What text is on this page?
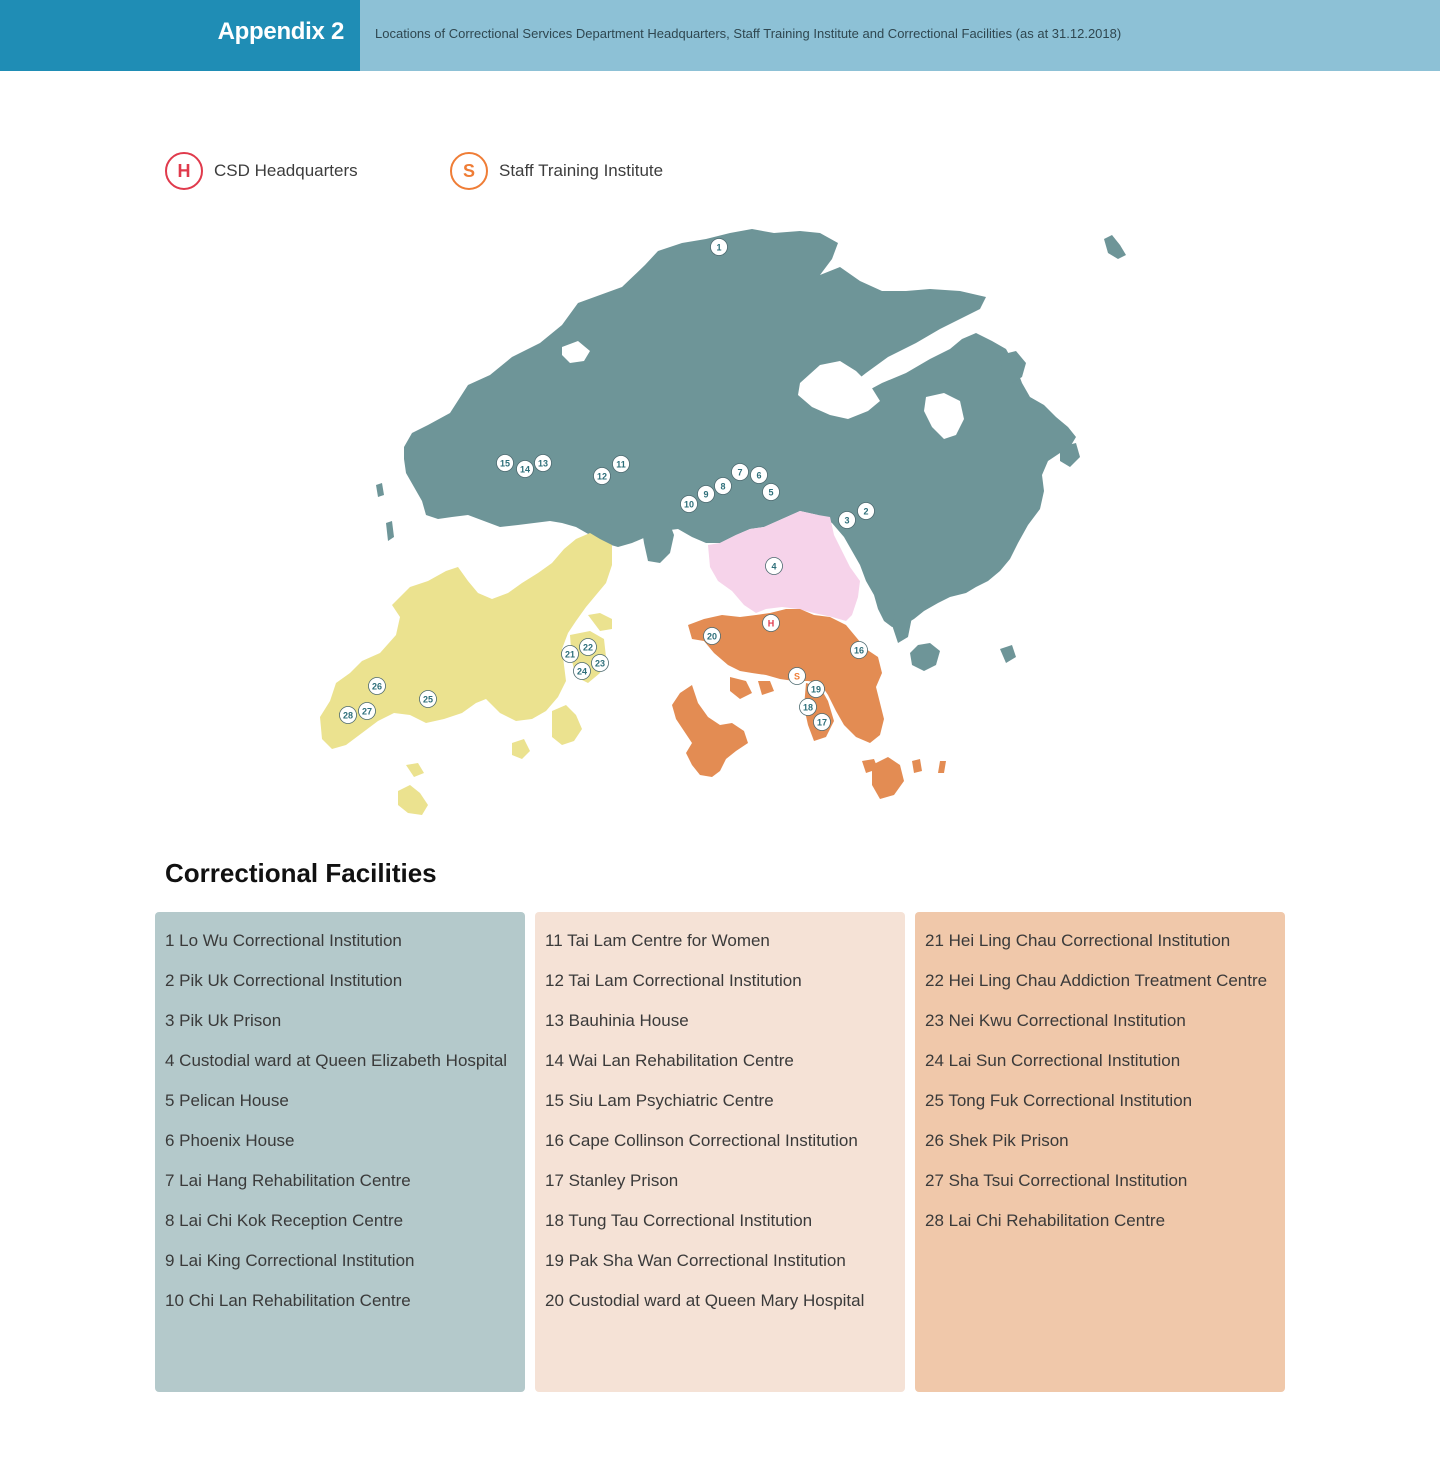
Appendix 2 Locations of Correctional Services Department Headquarters, Staff Training Institute and Correctional Facilities (as at 31.12.2018)
H	CSD Headquarters	S	Staff Training Institute
1
2
3
4
5
6
7
8
9
10
11
12
13
14
15
16
17
18
19
20
21
22
23
24
25
26
27
28
H
S
Correctional Facilities
1 Lo Wu Correctional Institution
2 Pik Uk Correctional Institution
3 Pik Uk Prison
4 Custodial ward at Queen Elizabeth Hospital
5 Pelican House
6 Phoenix House
7 Lai Hang Rehabilitation Centre
8 Lai Chi Kok Reception Centre
9 Lai King Correctional Institution
10 Chi Lan Rehabilitation Centre
11 Tai Lam Centre for Women
12 Tai Lam Correctional Institution
13 Bauhinia House
14 Wai Lan Rehabilitation Centre
15 Siu Lam Psychiatric Centre
16 Cape Collinson Correctional Institution
17 Stanley Prison
18 Tung Tau Correctional Institution
19 Pak Sha Wan Correctional Institution
20 Custodial ward at Queen Mary Hospital
21 Hei Ling Chau Correctional Institution
22 Hei Ling Chau Addiction Treatment Centre
23 Nei Kwu Correctional Institution
24 Lai Sun Correctional Institution
25 Tong Fuk Correctional Institution
26 Shek Pik Prison
27 Sha Tsui Correctional Institution
28 Lai Chi Rehabilitation Centre
